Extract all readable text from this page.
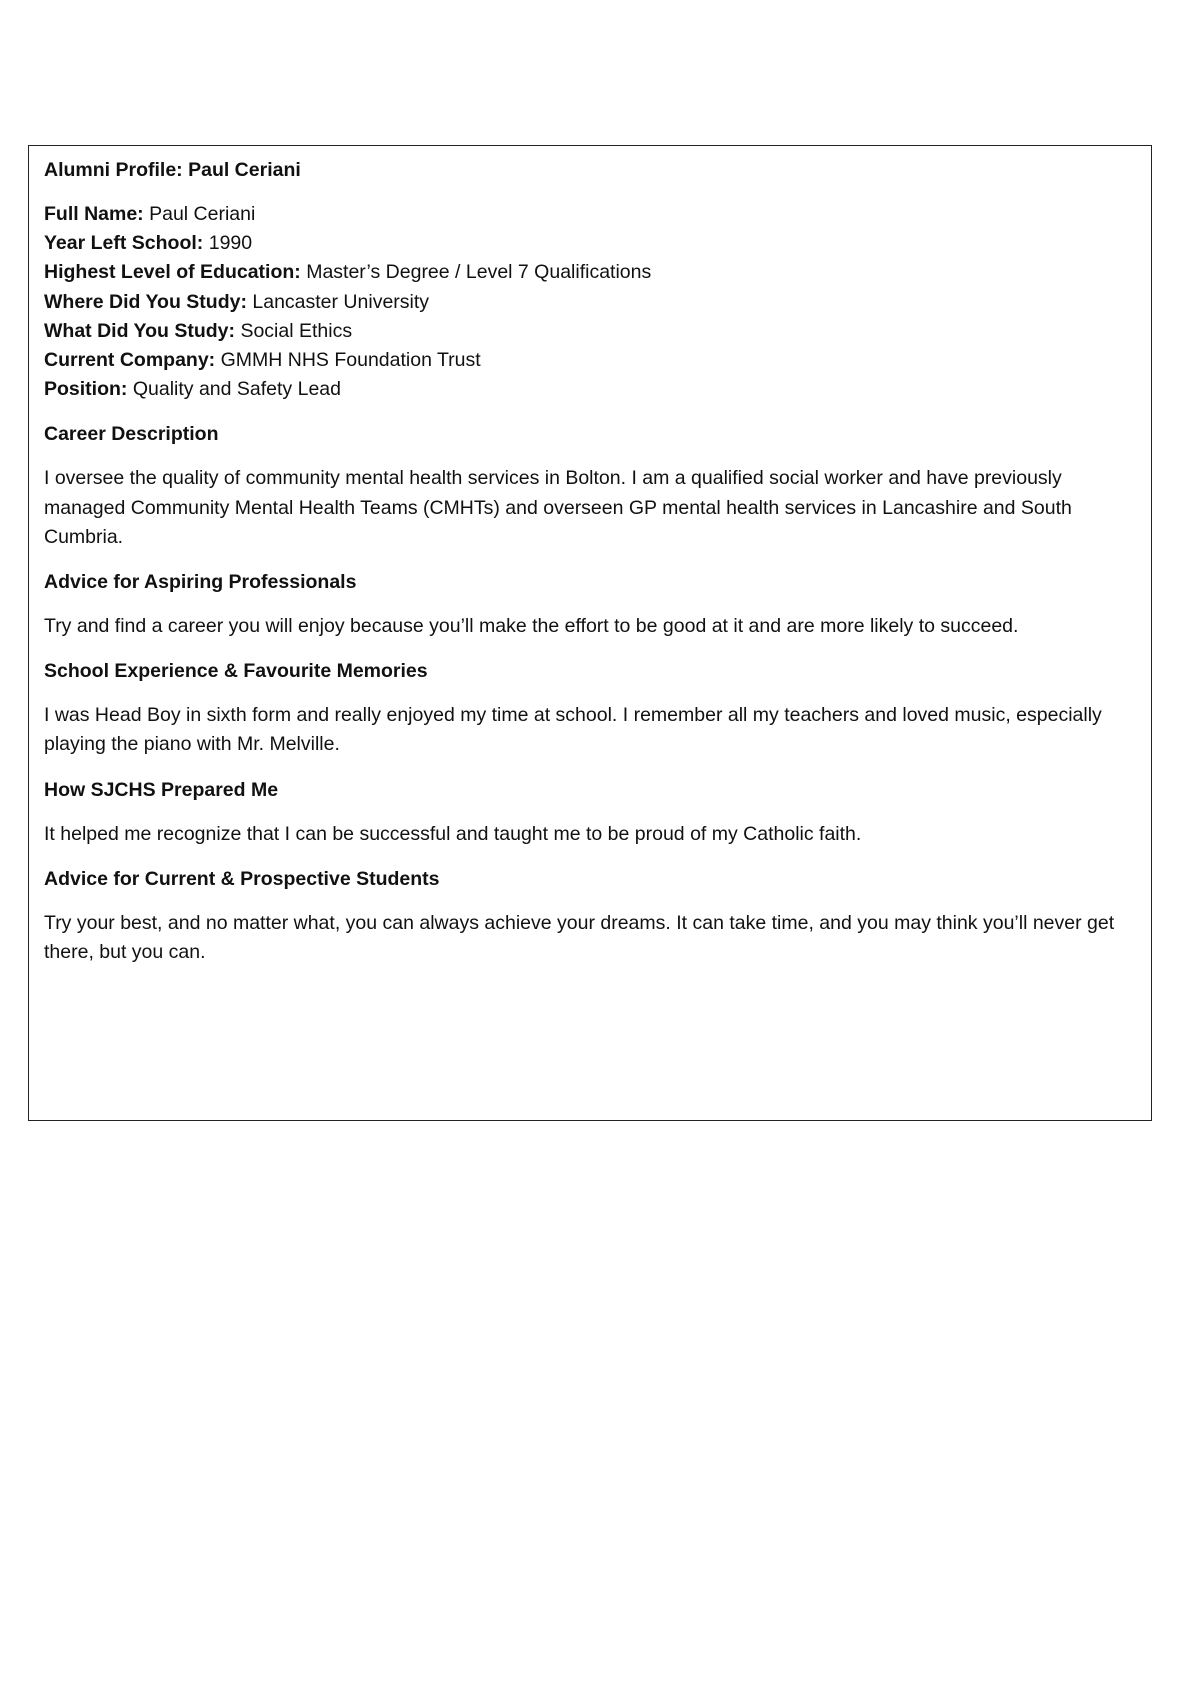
Alumni Profile: Paul Ceriani
Full Name: Paul Ceriani
Year Left School: 1990
Highest Level of Education: Master’s Degree / Level 7 Qualifications
Where Did You Study: Lancaster University
What Did You Study: Social Ethics
Current Company: GMMH NHS Foundation Trust
Position: Quality and Safety Lead
Career Description
I oversee the quality of community mental health services in Bolton. I am a qualified social worker and have previously managed Community Mental Health Teams (CMHTs) and overseen GP mental health services in Lancashire and South Cumbria.
Advice for Aspiring Professionals
Try and find a career you will enjoy because you’ll make the effort to be good at it and are more likely to succeed.
School Experience & Favourite Memories
I was Head Boy in sixth form and really enjoyed my time at school. I remember all my teachers and loved music, especially playing the piano with Mr. Melville.
How SJCHS Prepared Me
It helped me recognize that I can be successful and taught me to be proud of my Catholic faith.
Advice for Current & Prospective Students
Try your best, and no matter what, you can always achieve your dreams. It can take time, and you may think you’ll never get there, but you can.
